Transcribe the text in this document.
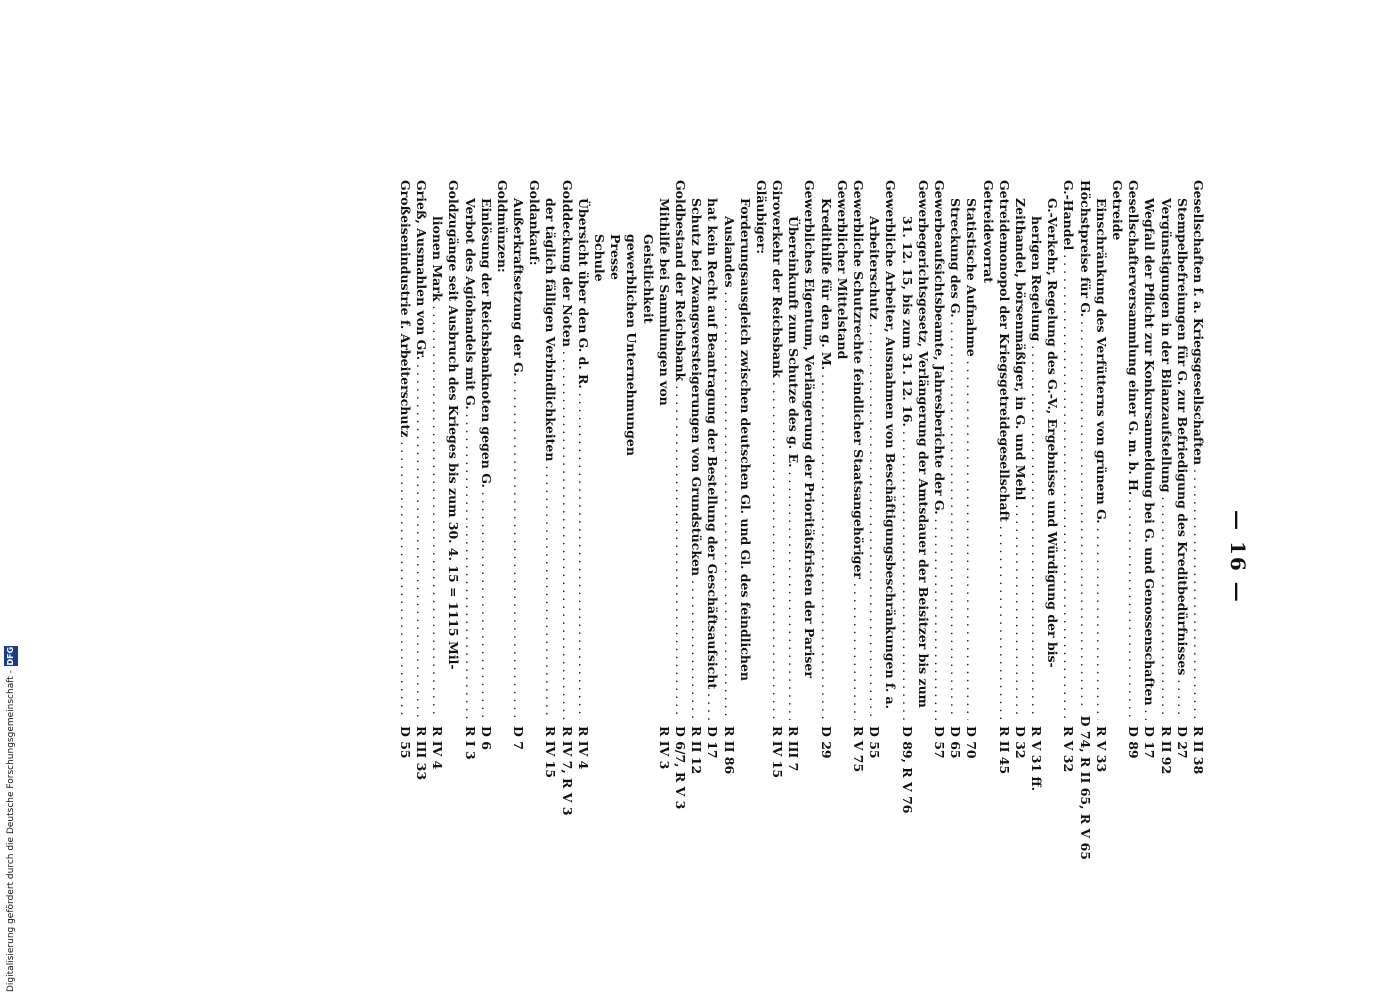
— 16 —
Gesellschaften f. a. Kriegsgesellschaften . . .
R II 38
Stempelbefreiungen für G. zur Befriedigung des Kreditbedürfnisses . . .
D 27
Vergünstigungen in der Bilanzaufstellung . . .
R II 92
Wegfall der Pflicht zur Konkursanmeldung bei G. und Genossenschaften . . .
D 17
Gesellschafterversammlung einer G. m. b. H. . . .
D 89
Getreide
Einschränkung des Verfütterns von grünem G. . . .
R V 33
Höchstpreise für G. . . .
D 74, R II 65, R V 65
G.-Handel . . .
R V 32
G.-Verkehr, Regelung des G.-V., Ergebnisse und Würdigung der bis-
herigen Regelung . . .
R V 31 ff.
Zeithandel, börsenmäßiger, in G. und Mehl . . .
D 32
Getreidemonopol der Kriegsgetreidegesellschaft . . .
R II 45
Getreidevorrat
Statistische Aufnahme . . .
D 70
Streckung des G. . . .
D 65
Gewerbeaufsichtsbeamte, Jahresberichte der G. . . .
D 57
Gewerbegerichtsgesetz, Verlängerung der Amtsdauer der Beisitzer bis zum
31. 12. 15, bis zum 31. 12. 16. . . .
D 89, R V 76
Gewerbliche Arbeiter, Ausnahmen von Beschäftigungsbeschränkungen f. a.
Arbeiterschutz . . .
D 55
Gewerbliche Schutzrechte feindlicher Staatsangehöriger . . .
R V 75
Gewerblicher Mittelstand
Kredithilfe für den g. M. . . .
D 29
Gewerbliches Eigentum, Verlängerung der Prioritätsfristen der Pariser
Übereinkunft zum Schutze des g. E. . . .
R III 7
Giroverkehr der Reichsbank . . .
R IV 15
Gläubiger:
Forderungsausgleich zwischen deutschen Gl. und Gl. des feindlichen
Auslandes . . .
R II 86
hat kein Recht auf Beantragung der Bestellung der Geschäftsaufsicht . . .
D 17
Schutz bei Zwangsversteigerungen von Grundstücken . . .
R II 12
Goldbestand der Reichsbank . . .
D 6/7, R V 3
Mithilfe bei Sammlungen von
R IV 3
Geistlichkeit
gewerblichen Unternehmungen
Presse
Schule
Übersicht über den G. d. R. . . .
R IV 4
Golddeckung der Noten . . .
R IV 7, R V 3
der täglich fälligen Verbindlichkeiten . . .
R IV 15
Goldankauf:
Außerkraftsetzung der G. . . .
D 7
Goldmünzen:
Einlösung der Reichsbanknoten gegen G. . . .
D 6
Verbot des Agiohandels mit G. . . .
R I 3
Goldzugänge seit Ausbruch des Krieges bis zum 30. 4. 15 = 1115 Mil-
lionen Mark . . .
R IV 4
Grieß, Ausmahlen von Gr. . . .
R III 33
Großeisenindustrie f. Arbeiterschutz . . .
D 55
Digitalisierung gefördert durch die Deutsche Forschungsgemeinschaft -
DFG
